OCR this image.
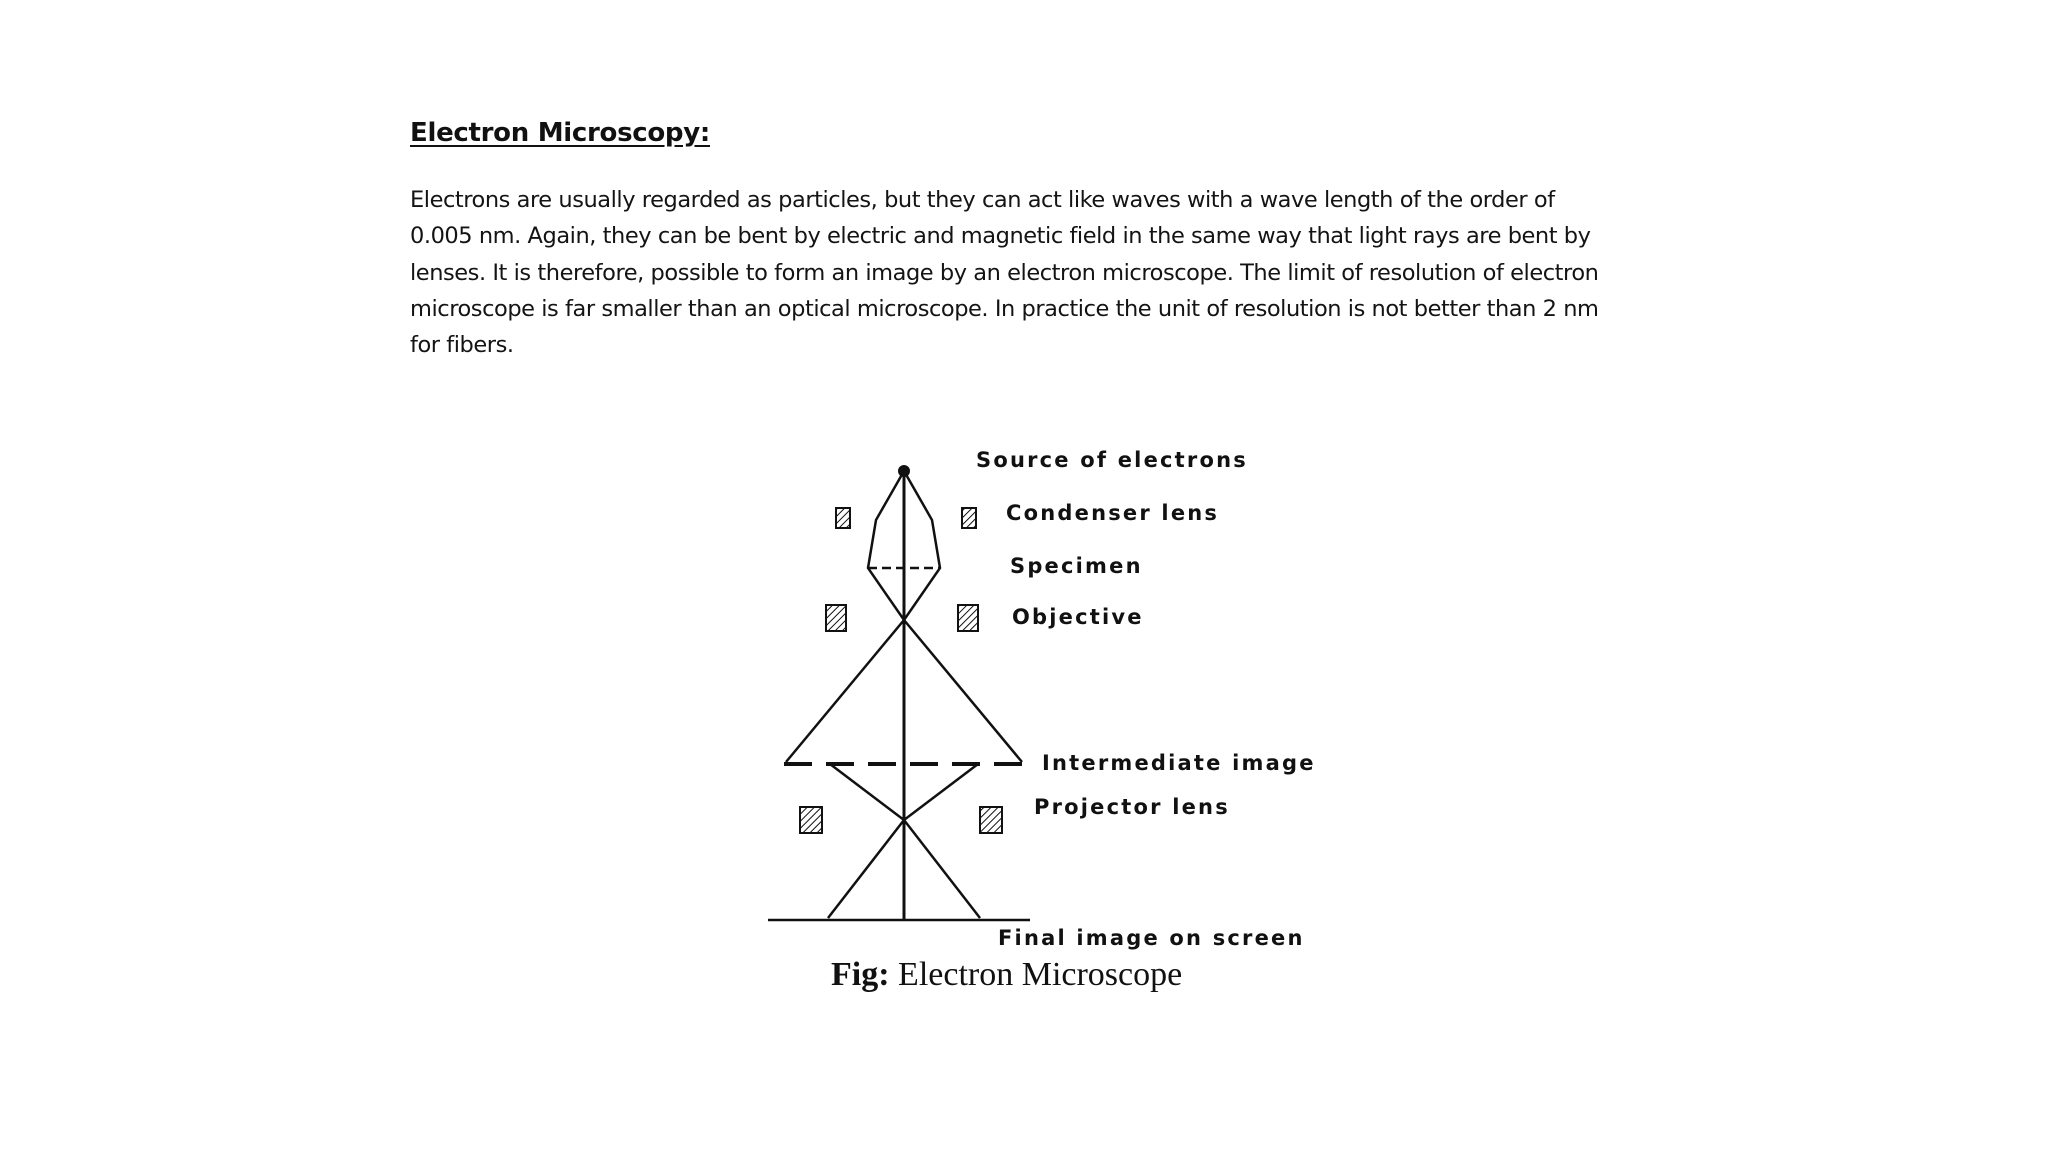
Electron Microscopy:
Electrons are usually regarded as particles, but they can act like waves with a wave length of the order of
0.005 nm. Again, they can be bent by electric and magnetic field in the same way that light rays are bent by
lenses. It is therefore, possible to form an image by an electron microscope. The limit of resolution of electron
microscope is far smaller than an optical microscope. In practice the unit of resolution is not better than 2 nm
for fibers.
Source of electrons
Condenser lens
Specimen
Objective
Intermediate image
Projector lens
Final image on screen
Fig: Electron Microscope
